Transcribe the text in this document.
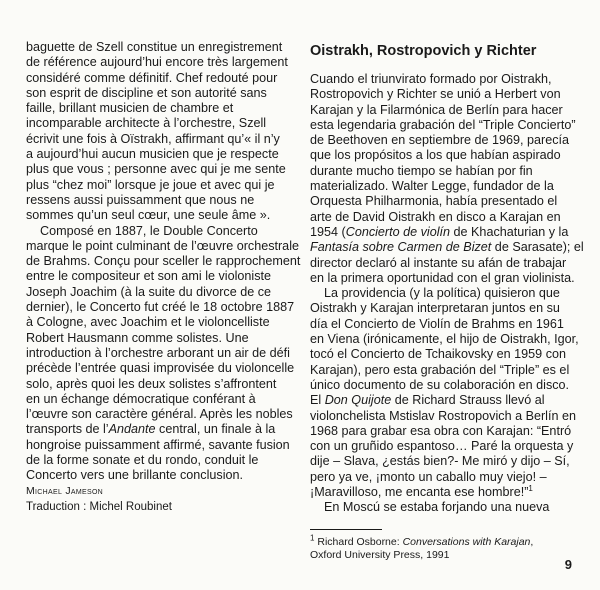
baguette de Szell constitue un enregistrement
de référence aujourd’hui encore très largement
considéré comme définitif. Chef redouté pour
son esprit de discipline et son autorité sans
faille, brillant musicien de chambre et
incomparable architecte à l’orchestre, Szell
écrivit une fois à Oïstrakh, affirmant qu’« il n’y
a aujourd’hui aucun musicien que je respecte
plus que vous ; personne avec qui je me sente
plus “chez moi” lorsque je joue et avec qui je
ressens aussi puissamment que nous ne
sommes qu’un seul cœur, une seule âme ».
Composé en 1887, le Double Concerto
marque le point culminant de l’œuvre orchestrale
de Brahms. Conçu pour sceller le rapprochement
entre le compositeur et son ami le violoniste
Joseph Joachim (à la suite du divorce de ce
dernier), le Concerto fut créé le 18 octobre 1887
à Cologne, avec Joachim et le violoncelliste
Robert Hausmann comme solistes. Une
introduction à l’orchestre arborant un air de défi
précède l’entrée quasi improvisée du violoncelle
solo, après quoi les deux solistes s’affrontent
en un échange démocratique conférant à
l’œuvre son caractère général. Après les nobles
transports de l’Andante central, un finale à la
hongroise puissamment affirmé, savante fusion
de la forme sonate et du rondo, conduit le
Concerto vers une brillante conclusion.
Michael Jameson
Traduction : Michel Roubinet
Oistrakh, Rostropovich y Richter
Cuando el triunvirato formado por Oistrakh,
Rostropovich y Richter se unió a Herbert von
Karajan y la Filarmónica de Berlín para hacer
esta legendaria grabación del “Triple Concierto”
de Beethoven en septiembre de 1969, parecía
que los propósitos a los que habían aspirado
durante mucho tiempo se habían por fin
materializado. Walter Legge, fundador de la
Orquesta Philharmonia, había presentado el
arte de David Oistrakh en disco a Karajan en
1954 (Concierto de violín de Khachaturian y la
Fantasía sobre Carmen de Bizet de Sarasate); el
director declaró al instante su afán de trabajar
en la primera oportunidad con el gran violinista.
La providencia (y la política) quisieron que
Oistrakh y Karajan interpretaran juntos en su
día el Concierto de Violín de Brahms en 1961
en Viena (irónicamente, el hijo de Oistrakh, Igor,
tocó el Concierto de Tchaikovsky en 1959 con
Karajan), pero esta grabación del “Triple” es el
único documento de su colaboración en disco.
El Don Quijote de Richard Strauss llevó al
violonchelista Mstislav Rostropovich a Berlín en
1968 para grabar esa obra con Karajan: “Entró
con un gruñido espantoso… Paré la orquesta y
dije – Slava, ¿estás bien?- Me miró y dijo – Sí,
pero ya ve, ¡monto un caballo muy viejo! –
¡Maravilloso, me encanta ese hombre!”$^1$
En Moscú se estaba forjando una nueva
$^1$ Richard Osborne: Conversations with Karajan,
Oxford University Press, 1991
9
